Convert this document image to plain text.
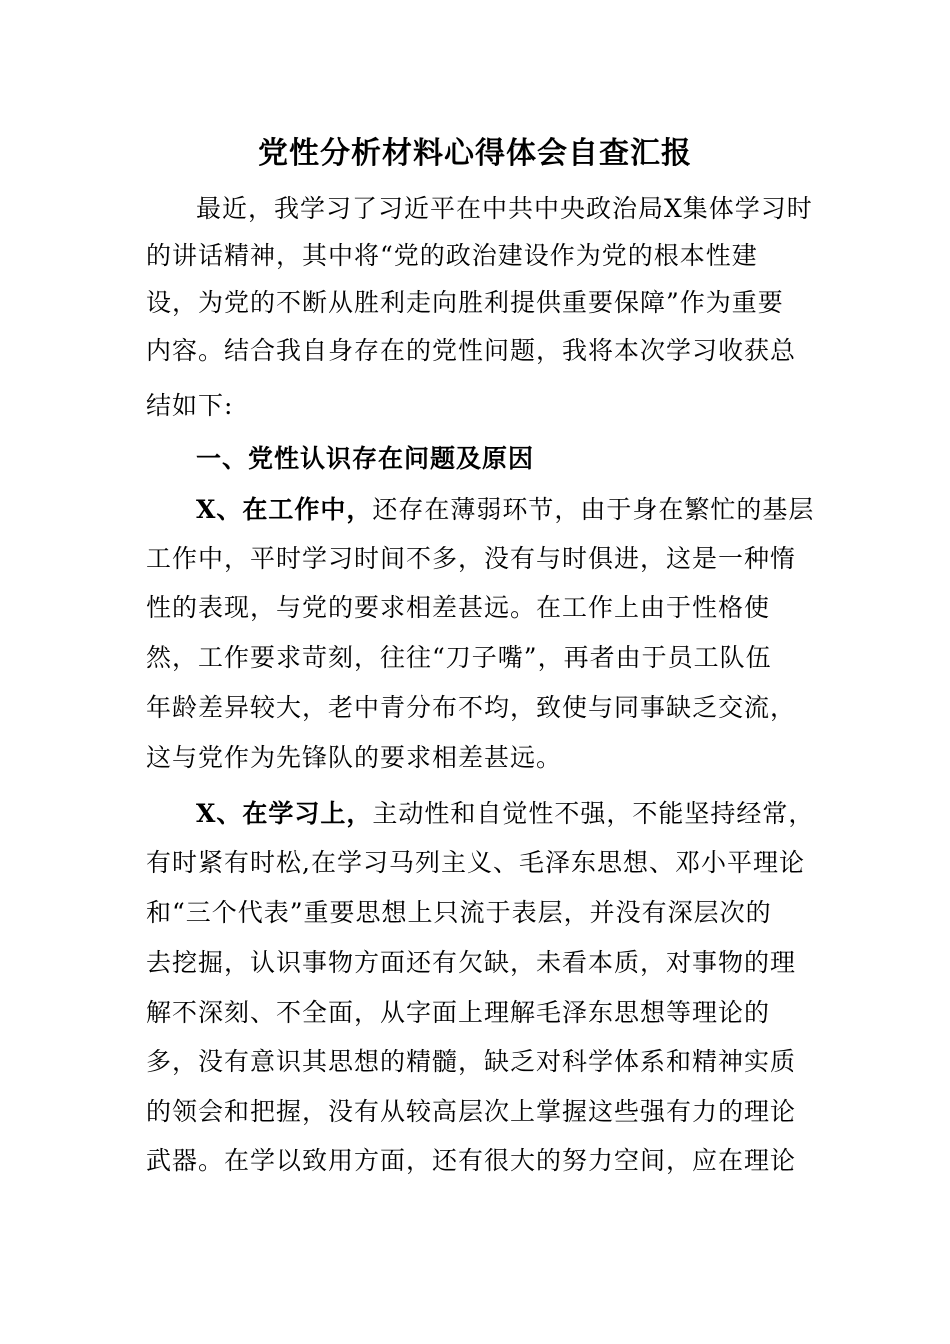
党性分析材料心得体会自查汇报
最近，我学习了习近平在中共中央政治局X集体学习时
的讲话精神，其中将“党的政治建设作为党的根本性建
设，为党的不断从胜利走向胜利提供重要保障”作为重要
内容。结合我自身存在的党性问题，我将本次学习收获总
结如下:
一、党性认识存在问题及原因
X、在工作中，还存在薄弱环节，由于身在繁忙的基层
工作中，平时学习时间不多，没有与时俱进，这是一种惰
性的表现，与党的要求相差甚远。在工作上由于性格使
然，工作要求苛刻，往往“刀子嘴”，再者由于员工队伍
年龄差异较大，老中青分布不均，致使与同事缺乏交流，
这与党作为先锋队的要求相差甚远。
X、在学习上，主动性和自觉性不强，不能坚持经常，
有时紧有时松,在学习马列主义、毛泽东思想、邓小平理论
和“三个代表”重要思想上只流于表层，并没有深层次的
去挖掘，认识事物方面还有欠缺，未看本质，对事物的理
解不深刻、不全面，从字面上理解毛泽东思想等理论的
多，没有意识其思想的精髓，缺乏对科学体系和精神实质
的领会和把握，没有从较高层次上掌握这些强有力的理论
武器。在学以致用方面，还有很大的努力空间，应在理论
